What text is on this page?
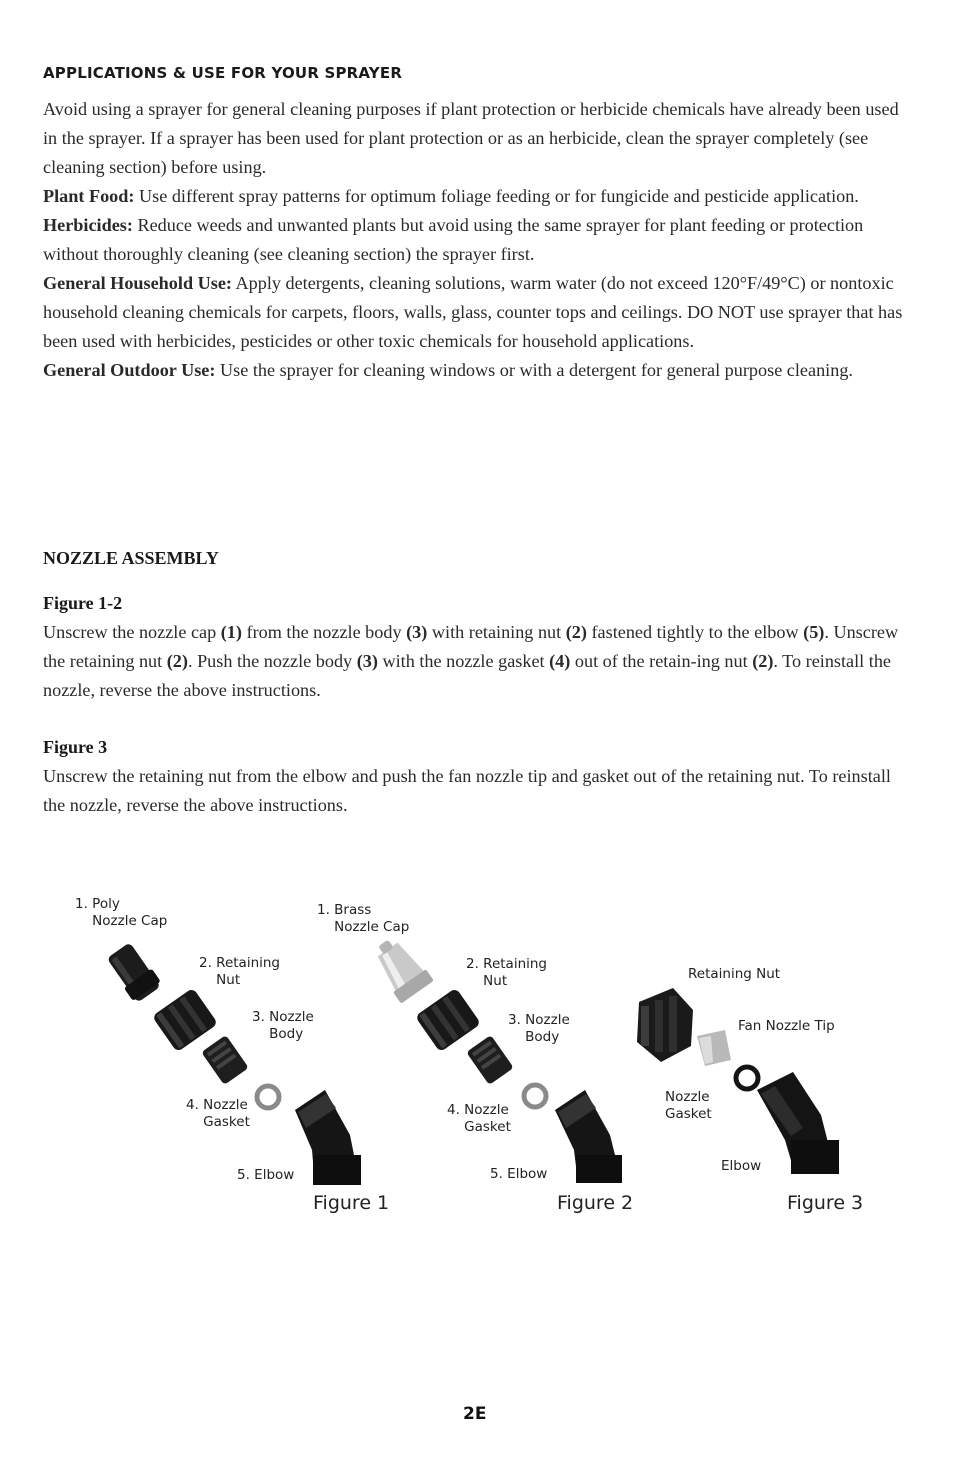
APPLICATIONS & USE FOR YOUR SPRAYER

Avoid using a sprayer for general cleaning purposes if plant protection or herbicide chemicals have already been used in the sprayer. If a sprayer has been used for plant protection or as an herbicide, clean the sprayer completely (see cleaning section) before using.

Plant Food: Use different spray patterns for optimum foliage feeding or for fungicide and pesticide application.

Herbicides: Reduce weeds and unwanted plants but avoid using the same sprayer for plant feeding or protection without thoroughly cleaning (see cleaning section) the sprayer first.

General Household Use: Apply detergents, cleaning solutions, warm water (do not exceed 120°F/49°C) or nontoxic household cleaning chemicals for carpets, floors, walls, glass, counter tops and ceilings. DO NOT use sprayer that has been used with herbicides, pesticides or other toxic chemicals for household applications.

General Outdoor Use: Use the sprayer for cleaning windows or with a detergent for general purpose cleaning.

NOZZLE ASSEMBLY
Figure 1-2

Unscrew the nozzle cap (1) from the nozzle body (3) with retaining nut (2) fastened tightly to the elbow (5). Unscrew the retaining nut (2). Push the nozzle body (3) with the nozzle gasket (4) out of the retain-ing nut (2). To reinstall the nozzle, reverse the above instructions.

Figure 3
Unscrew the retaining nut from the elbow and push the fan nozzle tip and gasket out of the retaining nut. To reinstall the nozzle, reverse the above instructions.
1. Poly
Nozzle Cap
2. Retaining
Nut
3. Nozzle
Body
4. Nozzle
Gasket
5. Elbow
Figure 1
1. Brass
Nozzle Cap
2. Retaining
Nut
3. Nozzle
Body
4. Nozzle
Gasket
5. Elbow
Figure 2
Retaining Nut
Fan Nozzle Tip
Nozzle
Gasket
Elbow
Figure 3
2E
